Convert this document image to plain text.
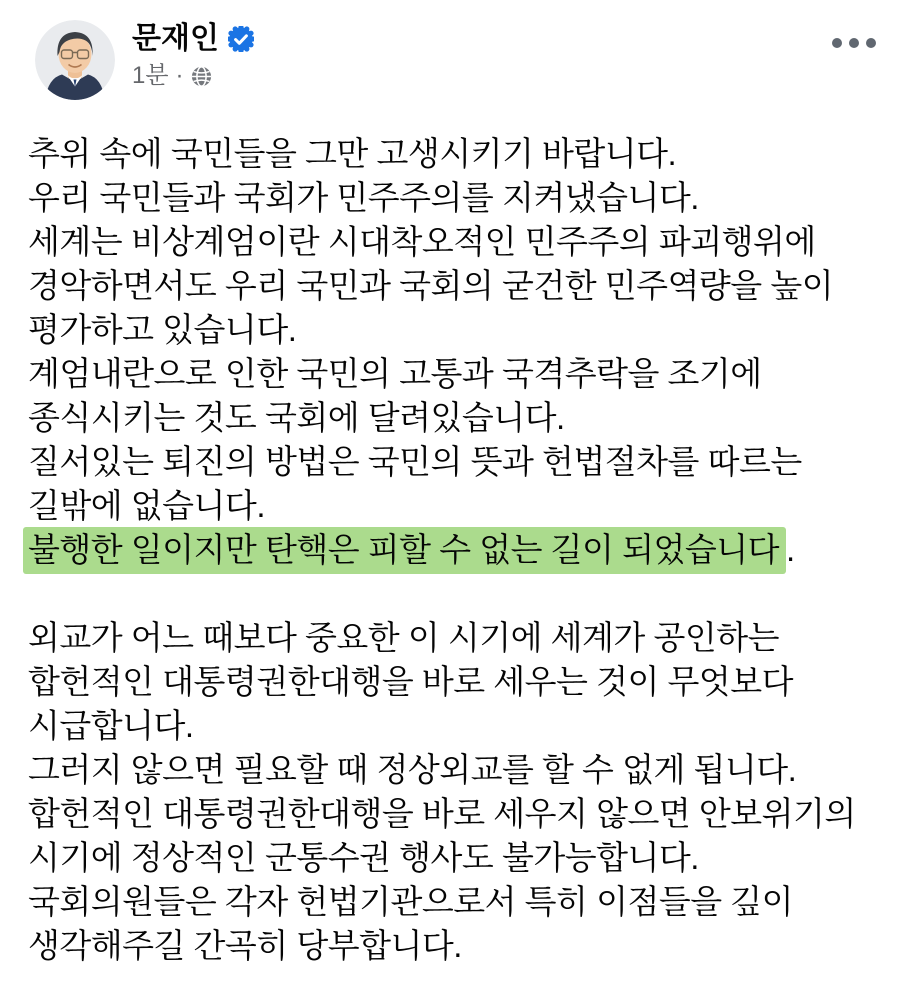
문재인
1분 ·
추위 속에 국민들을 그만 고생시키기 바랍니다.
우리 국민들과 국회가 민주주의를 지켜냈습니다.
세계는 비상계엄이란 시대착오적인 민주주의 파괴행위에
경악하면서도 우리 국민과 국회의 굳건한 민주역량을 높이
평가하고 있습니다.
계엄내란으로 인한 국민의 고통과 국격추락을 조기에
종식시키는 것도 국회에 달려있습니다.
질서있는 퇴진의 방법은 국민의 뜻과 헌법절차를 따르는
길밖에 없습니다.
불행한 일이지만 탄핵은 피할 수 없는 길이 되었습니다 .
외교가 어느 때보다 중요한 이 시기에 세계가 공인하는
합헌적인 대통령권한대행을 바로 세우는 것이 무엇보다
시급합니다.
그러지 않으면 필요할 때 정상외교를 할 수 없게 됩니다.
합헌적인 대통령권한대행을 바로 세우지 않으면 안보위기의
시기에 정상적인 군통수권 행사도 불가능합니다.
국회의원들은 각자 헌법기관으로서 특히 이점들을 깊이
생각해주길 간곡히 당부합니다.
